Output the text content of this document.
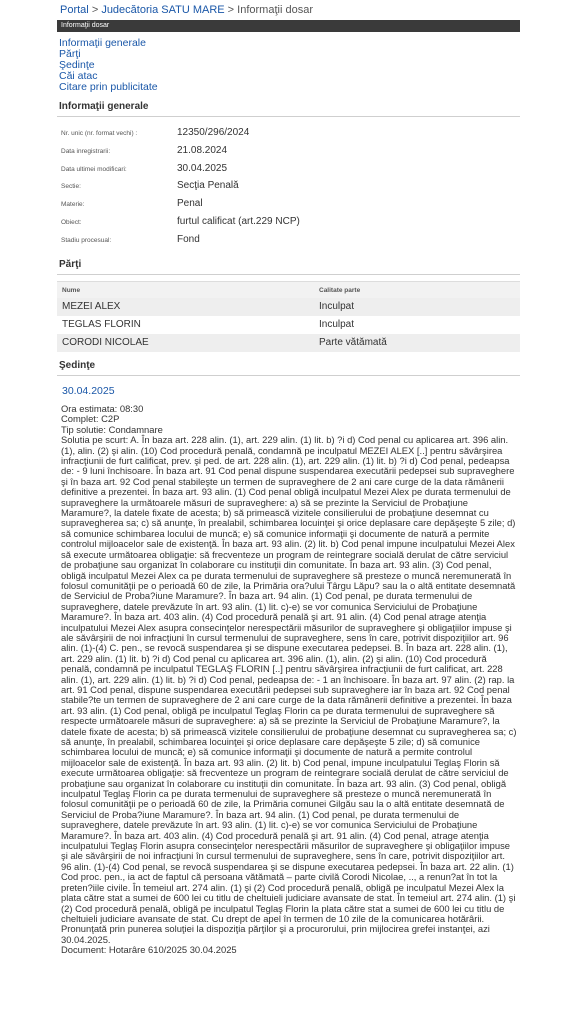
Portal > Judecătoria SATU MARE > Informaţii dosar
Informaţii dosar
Informaţii generale
Părţi
Şedinţe
Căi atac
Citare prin publicitate
Informaţii generale
Nr. unic (nr. format vechi) :	12350/296/2024
Data inregistrarii:	21.08.2024
Data ultimei modificari:	30.04.2025
Sectie:	Secţia Penală
Materie:	Penal
Obiect:	furtul calificat (art.229 NCP)
Stadiu procesual:	Fond
Părţi
Nume	Calitate parte
MEZEI ALEX	Inculpat
TEGLAS FLORIN	Inculpat
CORODI NICOLAE	Parte vătămată
Şedinţe
30.04.2025
Ora estimata: 08:30
Complet: C2P
Tip solutie: Condamnare
Solutia pe scurt: A. În baza art. 228 alin. (1), art. 229 alin. (1) lit. b) ?i d) Cod penal cu aplicarea art. 396 alin. (1), alin. (2) şi alin. (10) Cod procedură penală, condamnă pe inculpatul MEZEI ALEX [..] pentru săvârşirea infracţiunii de furt calificat, prev. şi ped. de art. 228 alin. (1), art. 229 alin. (1) lit. b) ?i d) Cod penal, pedeapsa de: - 9 luni închisoare. În baza art. 91 Cod penal dispune suspendarea executării pedepsei sub supraveghere şi în baza art. 92 Cod penal stabileşte un termen de supraveghere de 2 ani care curge de la data rămânerii definitive a prezentei. În baza art. 93 alin. (1) Cod penal obligă inculpatul Mezei Alex pe durata termenului de supraveghere la următoarele măsuri de supraveghere: a) să se prezinte la Serviciul de Probaţiune Maramure?, la datele fixate de acesta; b) să primească vizitele consilierului de probaţiune desemnat cu supravegherea sa; c) să anunţe, în prealabil, schimbarea locuinţei şi orice deplasare care depăşeşte 5 zile; d) să comunice schimbarea locului de muncă; e) să comunice informaţii şi documente de natură a permite controlul mijloacelor sale de existenţă. În baza art. 93 alin. (2) lit. b) Cod penal impune inculpatului Mezei Alex să execute următoarea obligaţie: să frecventeze un program de reintegrare socială derulat de către serviciul de probaţiune sau organizat în colaborare cu instituţii din comunitate. În baza art. 93 alin. (3) Cod penal, obligă inculpatul Mezei Alex ca pe durata termenului de supraveghere să presteze o muncă neremunerată în folosul comunităţii pe o perioadă 60 de zile, la Primăria ora?ului Târgu Lăpu? sau la o altă entitate desemnată de Serviciul de Proba?iune Maramure?. În baza art. 94 alin. (1) Cod penal, pe durata termenului de supraveghere, datele prevăzute în art. 93 alin. (1) lit. c)-e) se vor comunica Serviciului de Probaţiune Maramure?. În baza art. 403 alin. (4) Cod procedură penală şi art. 91 alin. (4) Cod penal atrage atenţia inculpatului Mezei Alex asupra consecinţelor nerespectării măsurilor de supraveghere şi obligaţiilor impuse şi ale săvârşirii de noi infracţiuni în cursul termenului de supraveghere, sens în care, potrivit dispoziţiilor art. 96 alin. (1)-(4) C. pen., se revocă suspendarea şi se dispune executarea pedepsei. B. În baza art. 228 alin. (1), art. 229 alin. (1) lit. b) ?i d) Cod penal cu aplicarea art. 396 alin. (1), alin. (2) şi alin. (10) Cod procedură penală, condamnă pe inculpatul TEGLAŞ FLORIN [..] pentru săvârşirea infracţiunii de furt calificat, art. 228 alin. (1), art. 229 alin. (1) lit. b) ?i d) Cod penal, pedeapsa de: - 1 an închisoare. În baza art. 97 alin. (2) rap. la art. 91 Cod penal, dispune suspendarea executării pedepsei sub supraveghere iar în baza art. 92 Cod penal stabile?te un termen de supraveghere de 2 ani care curge de la data rămânerii definitive a prezentei. În baza art. 93 alin. (1) Cod penal, obligă pe inculpatul Teglaş Florin ca pe durata termenului de supraveghere să respecte următoarele măsuri de supraveghere: a) să se prezinte la Serviciul de Probaţiune Maramure?, la datele fixate de acesta; b) să primească vizitele consilierului de probaţiune desemnat cu supravegherea sa; c) să anunţe, în prealabil, schimbarea locuinţei şi orice deplasare care depăşeşte 5 zile; d) să comunice schimbarea locului de muncă; e) să comunice informaţii şi documente de natură a permite controlul mijloacelor sale de existenţă. În baza art. 93 alin. (2) lit. b) Cod penal, impune inculpatului Teglaş Florin să execute următoarea obligaţie: să frecventeze un program de reintegrare socială derulat de către serviciul de probaţiune sau organizat în colaborare cu instituţii din comunitate. În baza art. 93 alin. (3) Cod penal, obligă inculpatul Teglaş Florin ca pe durata termenului de supraveghere să presteze o muncă neremunerată în folosul comunităţii pe o perioadă 60 de zile, la Primăria comunei Gilgău sau la o altă entitate desemnată de Serviciul de Proba?iune Maramure?. În baza art. 94 alin. (1) Cod penal, pe durata termenului de supraveghere, datele prevăzute în art. 93 alin. (1) lit. c)-e) se vor comunica Serviciului de Probaţiune Maramure?. În baza art. 403 alin. (4) Cod procedură penală şi art. 91 alin. (4) Cod penal, atrage atenţia inculpatului Teglaş Florin asupra consecinţelor nerespectării măsurilor de supraveghere şi obligaţiilor impuse şi ale săvârşirii de noi infracţiuni în cursul termenului de supraveghere, sens în care, potrivit dispoziţiilor art. 96 alin. (1)-(4) Cod penal, se revocă suspendarea şi se dispune executarea pedepsei. În baza art. 22 alin. (1) Cod proc. pen., ia act de faptul că persoana vătămată – parte civilă Corodi Nicolae, .., a renun?at în tot la preten?iile civile. În temeiul art. 274 alin. (1) şi (2) Cod procedură penală, obligă pe inculpatul Mezei Alex la plata către stat a sumei de 600 lei cu titlu de cheltuieli judiciare avansate de stat. În temeiul art. 274 alin. (1) şi (2) Cod procedură penală, obligă pe inculpatul Teglaş Florin la plata către stat a sumei de 600 lei cu titlu de cheltuieli judiciare avansate de stat. Cu drept de apel în termen de 10 zile de la comunicarea hotărârii. Pronunţată prin punerea soluţiei la dispoziţia părţilor şi a procurorului, prin mijlocirea grefei instanţei, azi 30.04.2025.
Document: Hotarâre 610/2025 30.04.2025
